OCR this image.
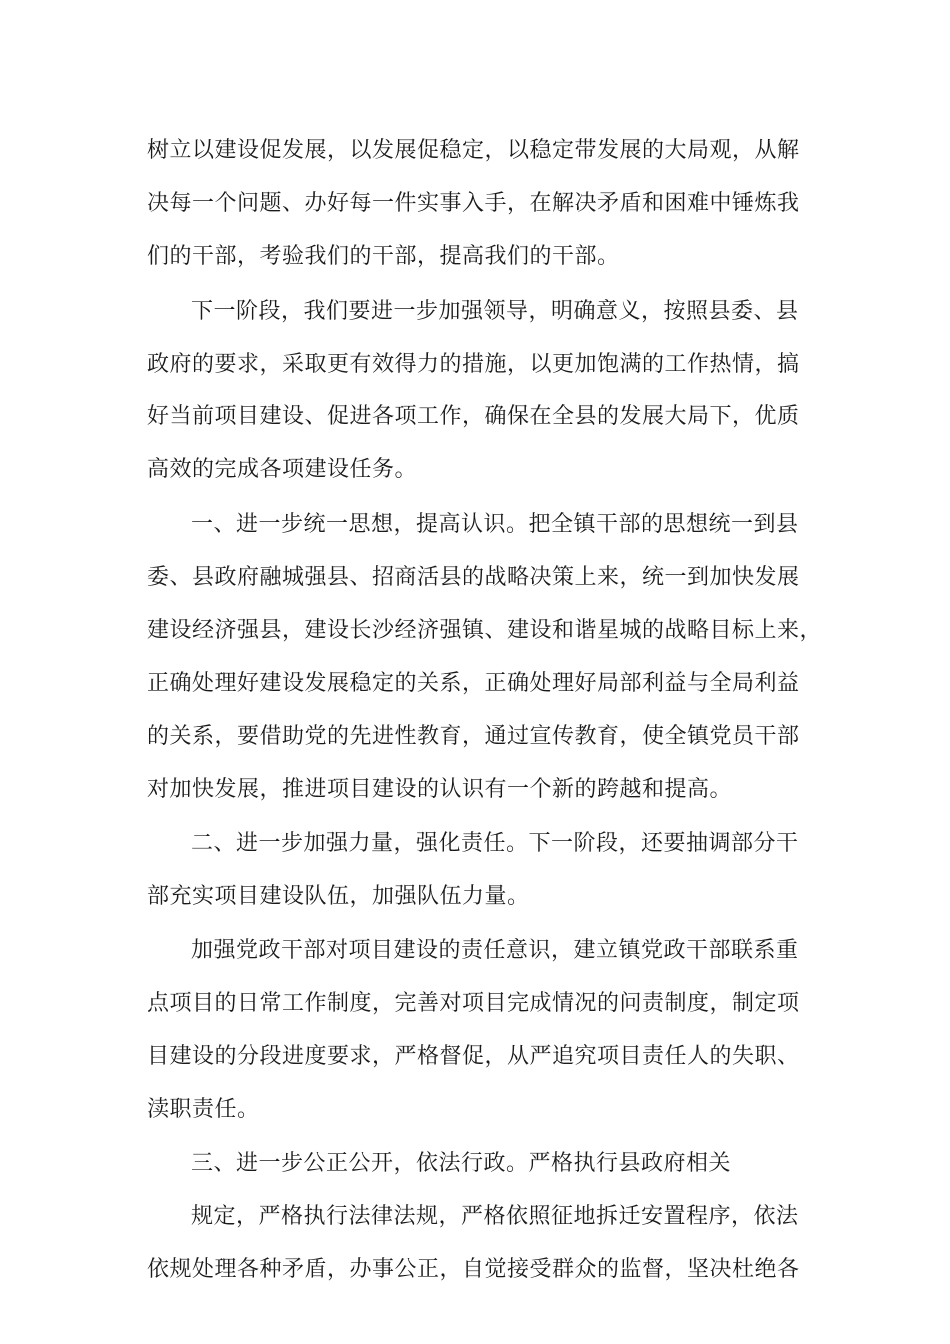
树立以建设促发展，以发展促稳定，以稳定带发展的大局观，从解
决每一个问题、办好每一件实事入手，在解决矛盾和困难中锤炼我
们的干部，考验我们的干部，提高我们的干部。
下一阶段，我们要进一步加强领导，明确意义，按照县委、县
政府的要求，采取更有效得力的措施，以更加饱满的工作热情，搞
好当前项目建设、促进各项工作，确保在全县的发展大局下，优质
高效的完成各项建设任务。
一、进一步统一思想，提高认识。把全镇干部的思想统一到县
委、县政府融城强县、招商活县的战略决策上来，统一到加快发展
建设经济强县，建设长沙经济强镇、建设和谐星城的战略目标上来，
正确处理好建设发展稳定的关系，正确处理好局部利益与全局利益
的关系，要借助党的先进性教育，通过宣传教育，使全镇党员干部
对加快发展，推进项目建设的认识有一个新的跨越和提高。
二、进一步加强力量，强化责任。下一阶段，还要抽调部分干
部充实项目建设队伍，加强队伍力量。
加强党政干部对项目建设的责任意识，建立镇党政干部联系重
点项目的日常工作制度，完善对项目完成情况的问责制度，制定项
目建设的分段进度要求，严格督促，从严追究项目责任人的失职、
渎职责任。
三、进一步公正公开，依法行政。严格执行县政府相关
规定，严格执行法律法规，严格依照征地拆迁安置程序，依法
依规处理各种矛盾，办事公正，自觉接受群众的监督，坚决杜绝各
